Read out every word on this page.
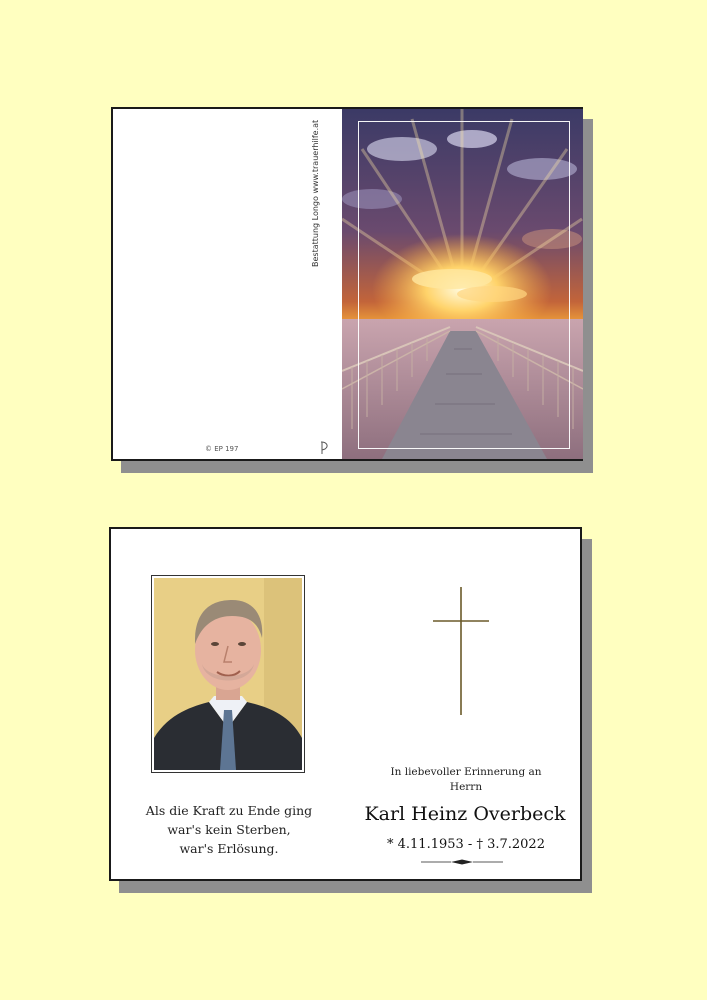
Bestattung Longo www.trauerhilfe.at
© EP 197
Als die Kraft zu Ende ging
war's kein Sterben,
war's Erlösung.
In liebevoller Erinnerung an
Herrn
Karl Heinz Overbeck
* 4.11.1953 - † 3.7.2022
